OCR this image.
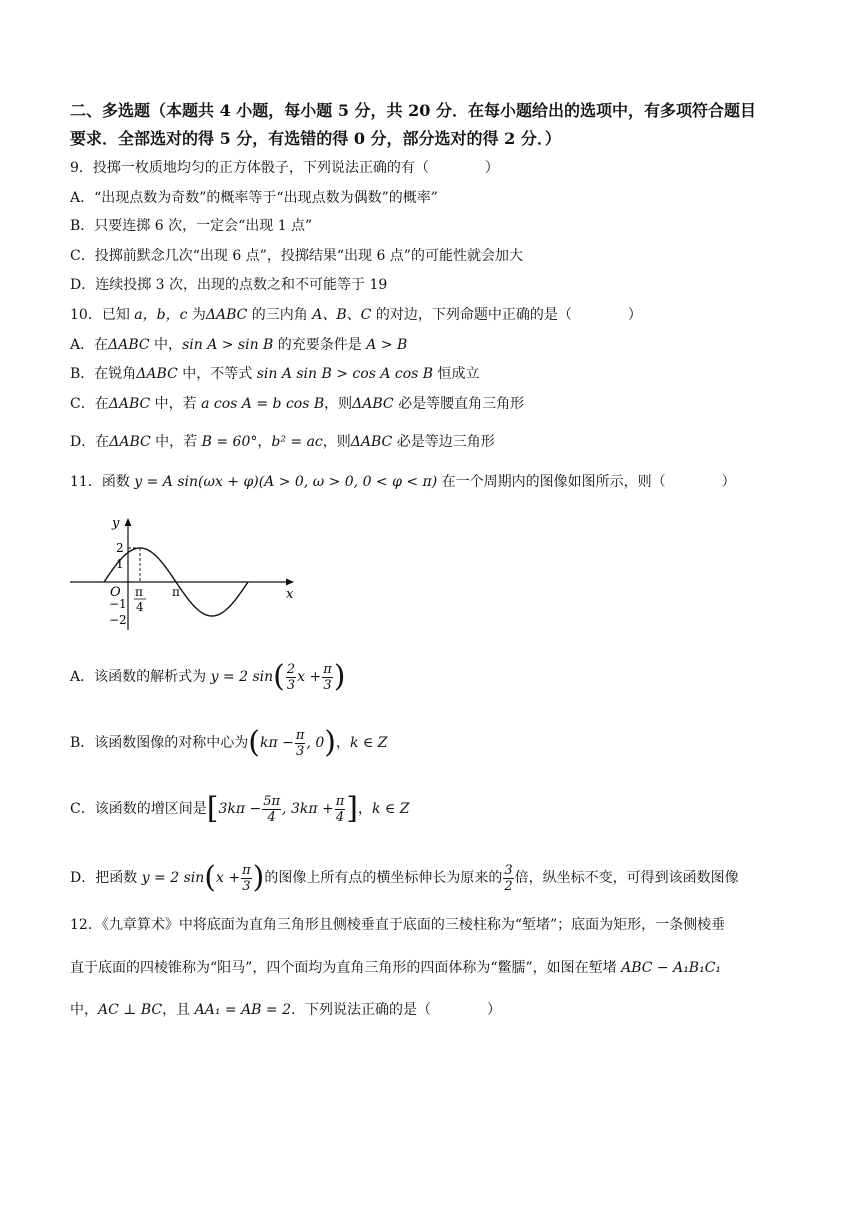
二、多选题（本题共 4 小题，每小题 5 分，共 20 分．在每小题给出的选项中，有多项符合题目
要求．全部选对的得 5 分，有选错的得 0 分，部分选对的得 2 分．）
9．投掷一枚质地均匀的正方体骰子，下列说法正确的有（　　　　）
A．“出现点数为奇数”的概率等于“出现点数为偶数”的概率”
B．只要连掷 6 次，一定会“出现 1 点”
C．投掷前默念几次“出现 6 点”，投掷结果“出现 6 点”的可能性就会加大
D．连续投掷 3 次，出现的点数之和不可能等于 19
10．已知 a，b，c 为ΔABC 的三内角 A、B、C 的对边，下列命题中正确的是（　　　　）
A．在ΔABC 中，sin A > sin B 的充要条件是 A > B
B．在锐角ΔABC 中，不等式 sin A sin B > cos A cos B 恒成立
C．在ΔABC 中，若 a cos A = b cos B，则ΔABC 必是等腰直角三角形
D．在ΔABC 中，若 B = 60°，b² = ac，则ΔABC 必是等边三角形
11．函数 y = A sin(ωx + φ)(A > 0, ω > 0, 0 < φ < π) 在一个周期内的图像如图所示，则（　　　　）
y
x
O
2
1
−1
−2
π
4
π
A．该函数的解析式为 y = 2 $\sin( \frac{2}{3}$ $x + \frac{\pi}{3}$ )
B．该函数图像的对称中心为($k\pi - \frac{\pi}{3}$ , 0)，k ∈ Z
C．该函数的增区间是[$3k\pi - \frac{5\pi}{4}$ , $3k\pi + \frac{\pi}{4}$ ]，k ∈ Z
D．把函数 y = 2 $\sin(x + \frac{\pi}{3}$ )的图像上所有点的横坐标伸长为原来的 $\frac{3}{2}$ 倍，纵坐标不变，可得到该函数图像
12．《九章算术》中将底面为直角三角形且侧棱垂直于底面的三棱柱称为“堑堵”；底面为矩形，一条侧棱垂
直于底面的四棱锥称为“阳马”，四个面均为直角三角形的四面体称为“鳖臑”，如图在堑堵 ABC − A₁B₁C₁
中，AC ⊥ BC，且 AA₁ = AB = 2．下列说法正确的是（　　　　）
